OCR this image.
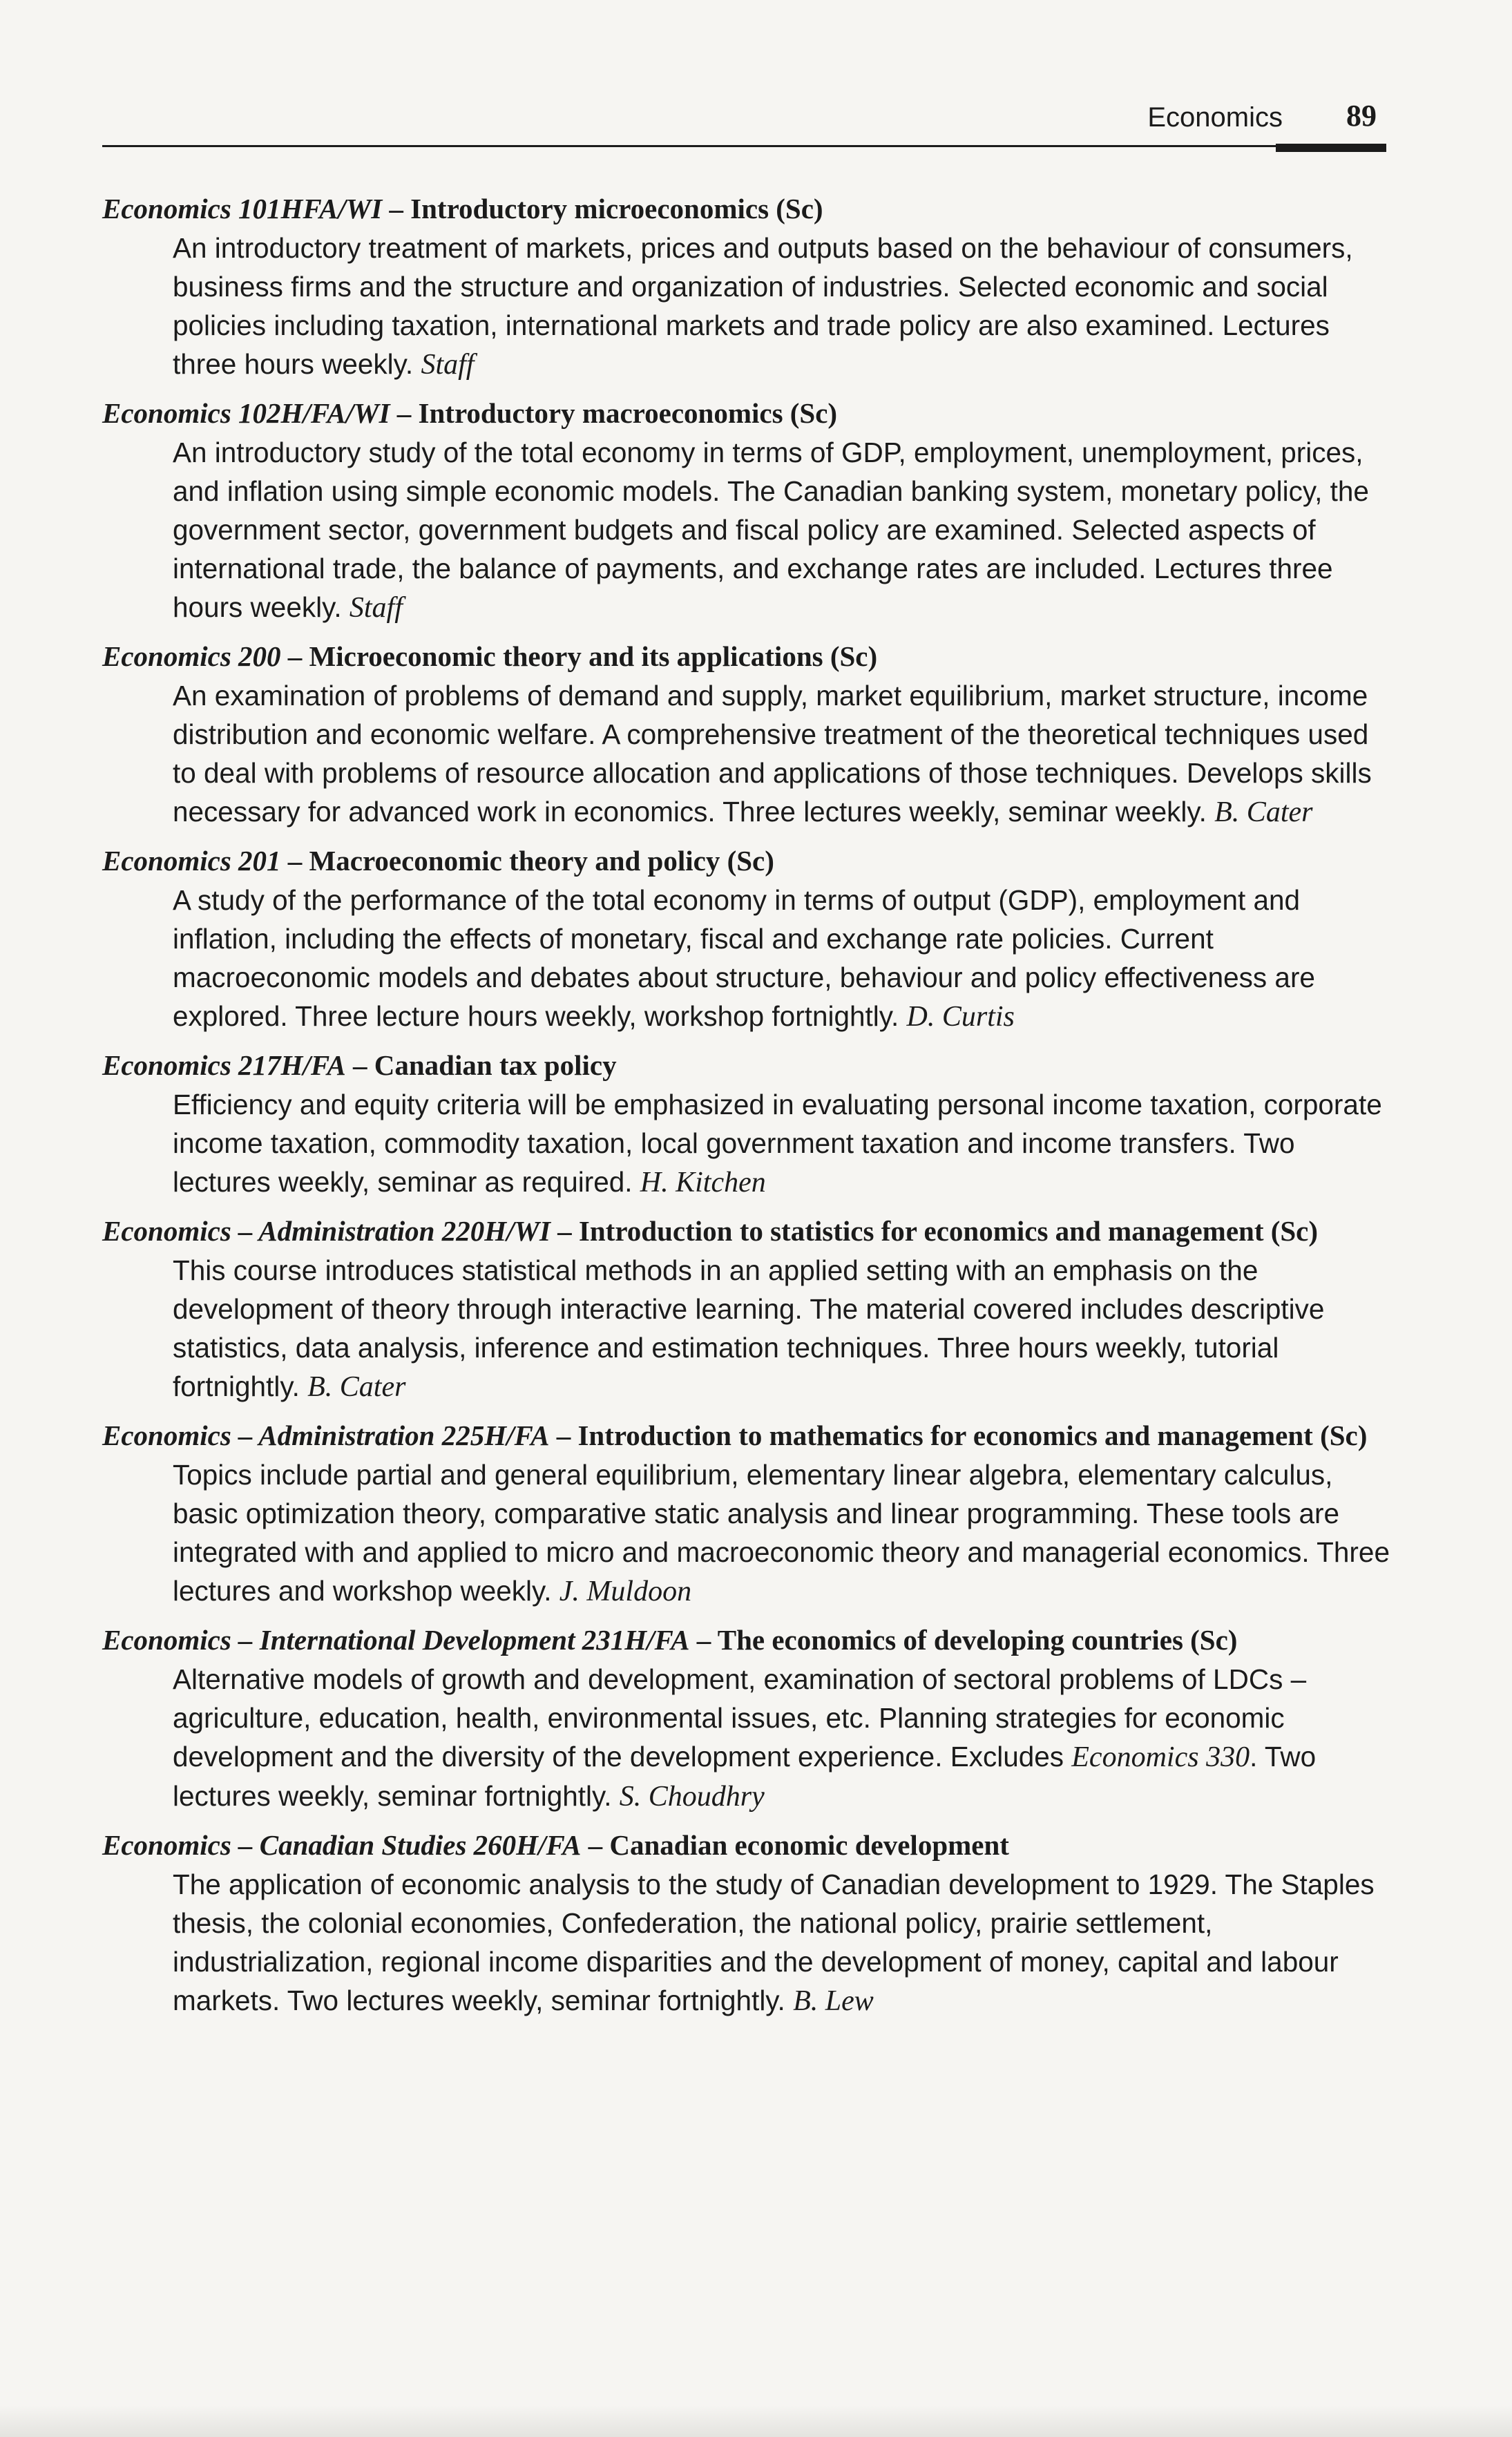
Economics 89
Economics 101HFA/WI – Introductory microeconomics (Sc)
An introductory treatment of markets, prices and outputs based on the behaviour of consumers, business firms and the structure and organization of industries. Selected economic and social policies including taxation, international markets and trade policy are also examined. Lectures three hours weekly. Staff
Economics 102H/FA/WI – Introductory macroeconomics (Sc)
An introductory study of the total economy in terms of GDP, employment, unemployment, prices, and inflation using simple economic models. The Canadian banking system, monetary policy, the government sector, government budgets and fiscal policy are examined. Selected aspects of international trade, the balance of payments, and exchange rates are included. Lectures three hours weekly. Staff
Economics 200 – Microeconomic theory and its applications (Sc)
An examination of problems of demand and supply, market equilibrium, market structure, income distribution and economic welfare. A comprehensive treatment of the theoretical techniques used to deal with problems of resource allocation and applications of those techniques. Develops skills necessary for advanced work in economics. Three lectures weekly, seminar weekly. B. Cater
Economics 201 – Macroeconomic theory and policy (Sc)
A study of the performance of the total economy in terms of output (GDP), employment and inflation, including the effects of monetary, fiscal and exchange rate policies. Current macroeconomic models and debates about structure, behaviour and policy effectiveness are explored. Three lecture hours weekly, workshop fortnightly. D. Curtis
Economics 217H/FA – Canadian tax policy
Efficiency and equity criteria will be emphasized in evaluating personal income taxation, corporate income taxation, commodity taxation, local government taxation and income transfers. Two lectures weekly, seminar as required. H. Kitchen
Economics – Administration 220H/WI – Introduction to statistics for economics and management (Sc)
This course introduces statistical methods in an applied setting with an emphasis on the development of theory through interactive learning. The material covered includes descriptive statistics, data analysis, inference and estimation techniques. Three hours weekly, tutorial fortnightly. B. Cater
Economics – Administration 225H/FA – Introduction to mathematics for economics and management (Sc)
Topics include partial and general equilibrium, elementary linear algebra, elementary calculus, basic optimization theory, comparative static analysis and linear programming. These tools are integrated with and applied to micro and macroeconomic theory and managerial economics. Three lectures and workshop weekly. J. Muldoon
Economics – International Development 231H/FA – The economics of developing countries (Sc)
Alternative models of growth and development, examination of sectoral problems of LDCs – agriculture, education, health, environmental issues, etc. Planning strategies for economic development and the diversity of the development experience. Excludes Economics 330. Two lectures weekly, seminar fortnightly. S. Choudhry
Economics – Canadian Studies 260H/FA – Canadian economic development
The application of economic analysis to the study of Canadian development to 1929. The Staples thesis, the colonial economies, Confederation, the national policy, prairie settlement, industrialization, regional income disparities and the development of money, capital and labour markets. Two lectures weekly, seminar fortnightly. B. Lew
